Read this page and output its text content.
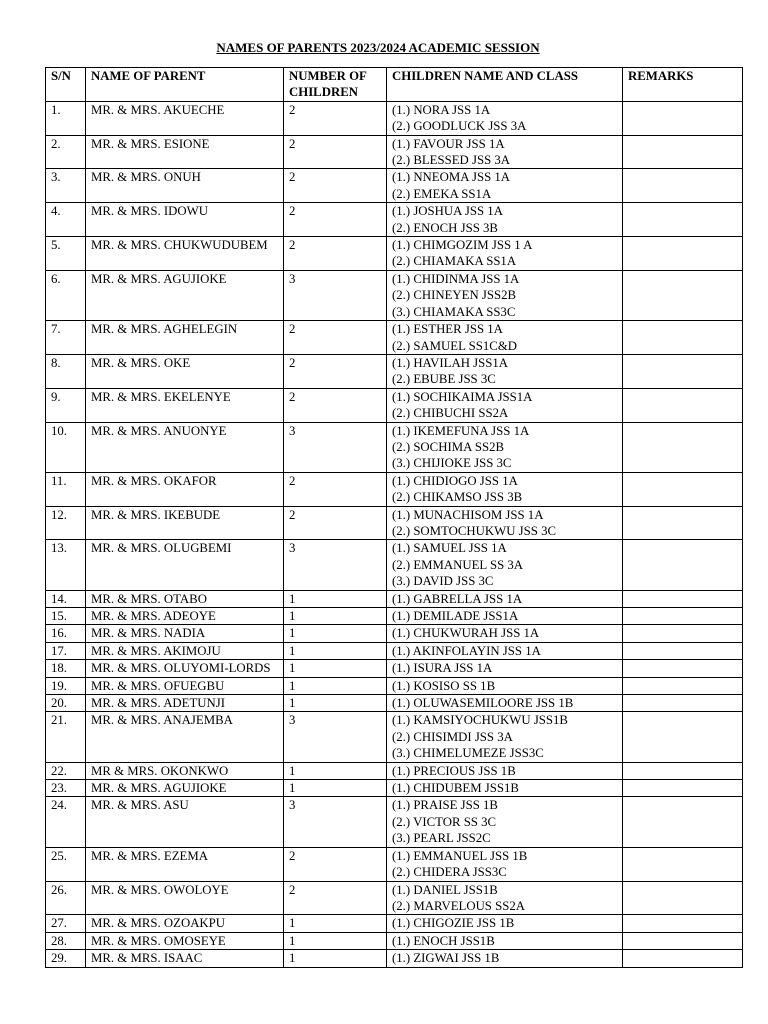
NAMES OF PARENTS 2023/2024 ACADEMIC SESSION
S/N	NAME OF PARENT	NUMBER OF CHILDREN	CHILDREN NAME AND CLASS	REMARKS
1.	MR. & MRS. AKUECHE	2	(1.) NORA JSS 1A
(2.) GOODLUCK JSS 3A	

2.	MR. & MRS. ESIONE	2	(1.) FAVOUR JSS 1A
(2.) BLESSED JSS 3A	

3.	MR. & MRS. ONUH	2	(1.) NNEOMA JSS 1A
(2.) EMEKA SS1A	

4.	MR. & MRS. IDOWU	2	(1.) JOSHUA JSS 1A
(2.) ENOCH JSS 3B	

5.	MR. & MRS. CHUKWUDUBEM	2	(1.) CHIMGOZIM JSS 1 A
(2.) CHIAMAKA SS1A	

6.	MR. & MRS. AGUJIOKE	3	(1.) CHIDINMA JSS 1A
(2.) CHINEYEN JSS2B
(3.) CHIAMAKA SS3C	

7.	MR. & MRS. AGHELEGIN	2	(1.) ESTHER JSS 1A
(2.) SAMUEL SS1C&D	

8.	MR. & MRS. OKE	2	(1.) HAVILAH JSS1A
(2.) EBUBE JSS 3C	

9.	MR. & MRS. EKELENYE	2	(1.) SOCHIKAIMA JSS1A
(2.) CHIBUCHI SS2A	

10.	MR. & MRS. ANUONYE	3	(1.) IKEMEFUNA JSS 1A
(2.) SOCHIMA SS2B
(3.) CHIJIOKE JSS 3C	

11.	MR. & MRS. OKAFOR	2	(1.) CHIDIOGO JSS 1A
(2.) CHIKAMSO JSS 3B	

12.	MR. & MRS. IKEBUDE	2	(1.) MUNACHISOM JSS 1A
(2.) SOMTOCHUKWU JSS 3C	

13.	MR. & MRS. OLUGBEMI	3	(1.) SAMUEL JSS 1A
(2.) EMMANUEL SS 3A
(3.) DAVID JSS 3C	

14.	MR. & MRS. OTABO	1	(1.) GABRELLA JSS 1A	

15.	MR. & MRS. ADEOYE	1	(1.) DEMILADE JSS1A	

16.	MR. & MRS. NADIA	1	(1.) CHUKWURAH JSS 1A	

17.	MR. & MRS. AKIMOJU	1	(1.) AKINFOLAYIN JSS 1A	

18.	MR. & MRS. OLUYOMI-LORDS	1	(1.) ISURA JSS 1A	

19.	MR. & MRS. OFUEGBU	1	(1.) KOSISO SS 1B	

20.	MR. & MRS. ADETUNJI	1	(1.) OLUWASEMILOORE JSS 1B	

21.	MR. & MRS. ANAJEMBA	3	(1.) KAMSIYOCHUKWU JSS1B
(2.) CHISIMDI JSS 3A
(3.) CHIMELUMEZE JSS3C	

22.	MR & MRS. OKONKWO	1	(1.) PRECIOUS JSS 1B	

23.	MR. & MRS. AGUJIOKE	1	(1.) CHIDUBEM JSS1B	

24.	MR. & MRS. ASU	3	(1.) PRAISE JSS 1B
(2.) VICTOR SS 3C
(3.) PEARL JSS2C	

25.	MR. & MRS. EZEMA	2	(1.) EMMANUEL JSS 1B
(2.) CHIDERA JSS3C	

26.	MR. & MRS. OWOLOYE	2	(1.) DANIEL JSS1B
(2.) MARVELOUS SS2A	

27.	MR. & MRS. OZOAKPU	1	(1.) CHIGOZIE JSS 1B	

28.	MR. & MRS. OMOSEYE	1	(1.) ENOCH JSS1B	

29.	MR. & MRS. ISAAC	1	(1.) ZIGWAI JSS 1B	
